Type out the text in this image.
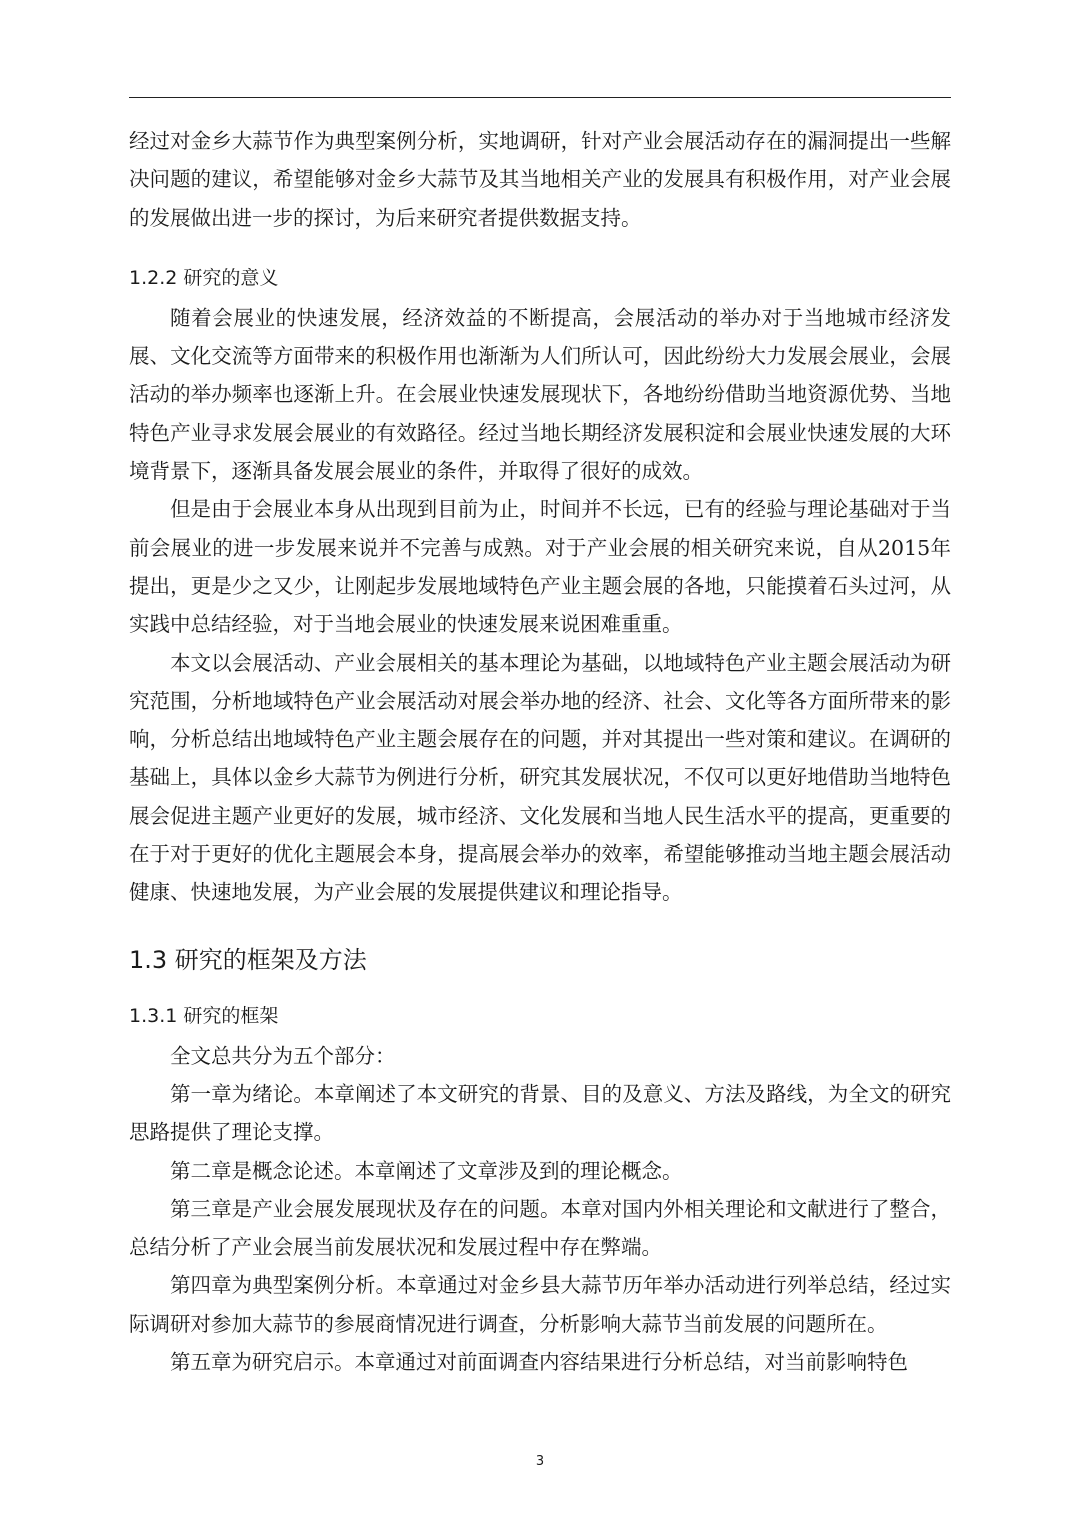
经过对金乡大蒜节作为典型案例分析，实地调研，针对产业会展活动存在的漏洞提出一些解决问题的建议，希望能够对金乡大蒜节及其当地相关产业的发展具有积极作用，对产业会展的发展做出进一步的探讨，为后来研究者提供数据支持。

1.2.2 研究的意义

随着会展业的快速发展，经济效益的不断提高，会展活动的举办对于当地城市经济发展、文化交流等方面带来的积极作用也渐渐为人们所认可，因此纷纷大力发展会展业，会展活动的举办频率也逐渐上升。在会展业快速发展现状下，各地纷纷借助当地资源优势、当地特色产业寻求发展会展业的有效路径。经过当地长期经济发展积淀和会展业快速发展的大环境背景下，逐渐具备发展会展业的条件，并取得了很好的成效。

但是由于会展业本身从出现到目前为止，时间并不长远，已有的经验与理论基础对于当前会展业的进一步发展来说并不完善与成熟。对于产业会展的相关研究来说，自从2015年提出，更是少之又少，让刚起步发展地域特色产业主题会展的各地，只能摸着石头过河，从实践中总结经验，对于当地会展业的快速发展来说困难重重。

本文以会展活动、产业会展相关的基本理论为基础，以地域特色产业主题会展活动为研究范围，分析地域特色产业会展活动对展会举办地的经济、社会、文化等各方面所带来的影响，分析总结出地域特色产业主题会展存在的问题，并对其提出一些对策和建议。在调研的基础上，具体以金乡大蒜节为例进行分析，研究其发展状况，不仅可以更好地借助当地特色展会促进主题产业更好的发展，城市经济、文化发展和当地人民生活水平的提高，更重要的在于对于更好的优化主题展会本身，提高展会举办的效率，希望能够推动当地主题会展活动健康、快速地发展，为产业会展的发展提供建议和理论指导。

1.3 研究的框架及方法

1.3.1 研究的框架

全文总共分为五个部分：

第一章为绪论。本章阐述了本文研究的背景、目的及意义、方法及路线，为全文的研究思路提供了理论支撑。

第二章是概念论述。本章阐述了文章涉及到的理论概念。

第三章是产业会展发展现状及存在的问题。本章对国内外相关理论和文献进行了整合，总结分析了产业会展当前发展状况和发展过程中存在弊端。

第四章为典型案例分析。本章通过对金乡县大蒜节历年举办活动进行列举总结，经过实际调研对参加大蒜节的参展商情况进行调查，分析影响大蒜节当前发展的问题所在。

第五章为研究启示。本章通过对前面调查内容结果进行分析总结，对当前影响特色

3
